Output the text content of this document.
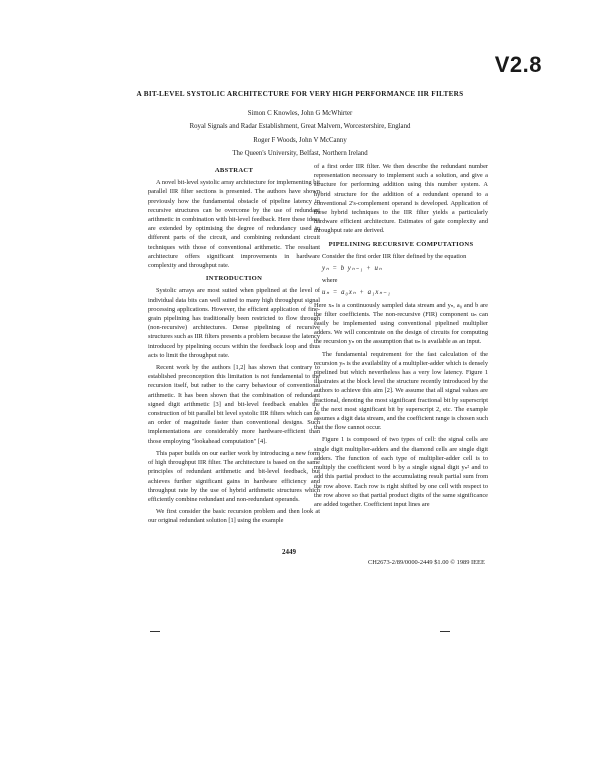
V2.8
A BIT-LEVEL SYSTOLIC ARCHITECTURE FOR VERY HIGH PERFORMANCE IIR FILTERS
Simon C Knowles, John G McWhirter
Royal Signals and Radar Establishment, Great Malvern, Worcestershire, England
Roger F Woods, John V McCanny
The Queen's University, Belfast, Northern Ireland
ABSTRACT

A novel bit-level systolic array architecture for implementing bit parallel IIR filter sections is presented. The authors have shown previously how the fundamental obstacle of pipeline latency in recursive structures can be overcome by the use of redundant arithmetic in combination with bit-level feedback. Here these ideas are extended by optimising the degree of redundancy used in different parts of the circuit, and combining redundant circuit techniques with those of conventional arithmetic. The resultant architecture offers significant improvements in hardware complexity and throughput rate.

INTRODUCTION

Systolic arrays are most suited when pipelined at the level of individual data bits can well suited to many high throughput signal processing applications. However, the efficient application of fine-grain pipelining has traditionally been restricted to flow through (non-recursive) architectures. Dense pipelining of recursive structures such as IIR filters presents a problem because the latency introduced by pipelining occurs within the feedback loop and thus acts to limit the throughput rate.

Recent work by the authors [1,2] has shown that contrary to established preconception this limitation is not fundamental to the recursion itself, but rather to the carry behaviour of conventional arithmetic. It has been shown that the combination of redundant signed digit arithmetic [3] and bit-level feedback enables the construction of bit parallel bit level systolic IIR filters which can be an order of magnitude faster than conventional designs. Such implementations are considerably more hardware-efficient than those employing "lookahead computation" [4].

This paper builds on our earlier work by introducing a new form of high throughput IIR filter. The architecture is based on the same principles of redundant arithmetic and bit-level feedback, but achieves further significant gains in hardware efficiency and throughput rate by the use of hybrid arithmetic structures which efficiently combine redundant and non-redundant operands.

We first consider the basic recursion problem and then look at our original redundant solution [1] using the example

of a first order IIR filter. We then describe the redundant number representation necessary to implement such a solution, and give a structure for performing addition using this number system. A hybrid structure for the addition of a redundant operand to a conventional 2's-complement operand is developed. Application of these hybrid techniques to the IIR filter yields a particularly hardware efficient architecture. Estimates of gate complexity and throughput rate are derived.

PIPELINING RECURSIVE COMPUTATIONS

Consider the first order IIR filter defined by the equation

yₙ = b yₙ₋₁ + uₙ

where

uₙ = a₀xₙ + a₁xₙ₋₁

Here xₙ is a continuously sampled data stream and yₙ, a₀ and b are the filter coefficients. The non-recursive (FIR) component uₙ can easily be implemented using conventional pipelined multiplier adders. We will concentrate on the design of circuits for computing the recursion yₙ on the assumption that uₙ is available as an input.

The fundamental requirement for the fast calculation of the recursion yₙ is the availability of a multiplier-adder which is densely pipelined but which nevertheless has a very low latency. Figure 1 illustrates at the block level the structure recently introduced by the authors to achieve this aim [2]. We assume that all signal values are fractional, denoting the most significant fractional bit by superscript 1, the next most significant bit by superscript 2, etc. The example assumes a digit data stream, and the coefficient range is chosen such that the flow cannot occur.

Figure 1 is composed of two types of cell: the signal cells are single digit multiplier-adders and the diamond cells are single digit adders. The function of each type of multiplier-adder cell is to multiply the coefficient word b by a single signal digit yₙ² and to add this partial product to the accumulating result partial sum from the row above. Each row is right shifted by one cell with respect to the row above so that partial product digits of the same significance are added together. Coefficient input lines are

2449
CH2673-2/89/0000-2449 $1.00 © 1989 IEEE
